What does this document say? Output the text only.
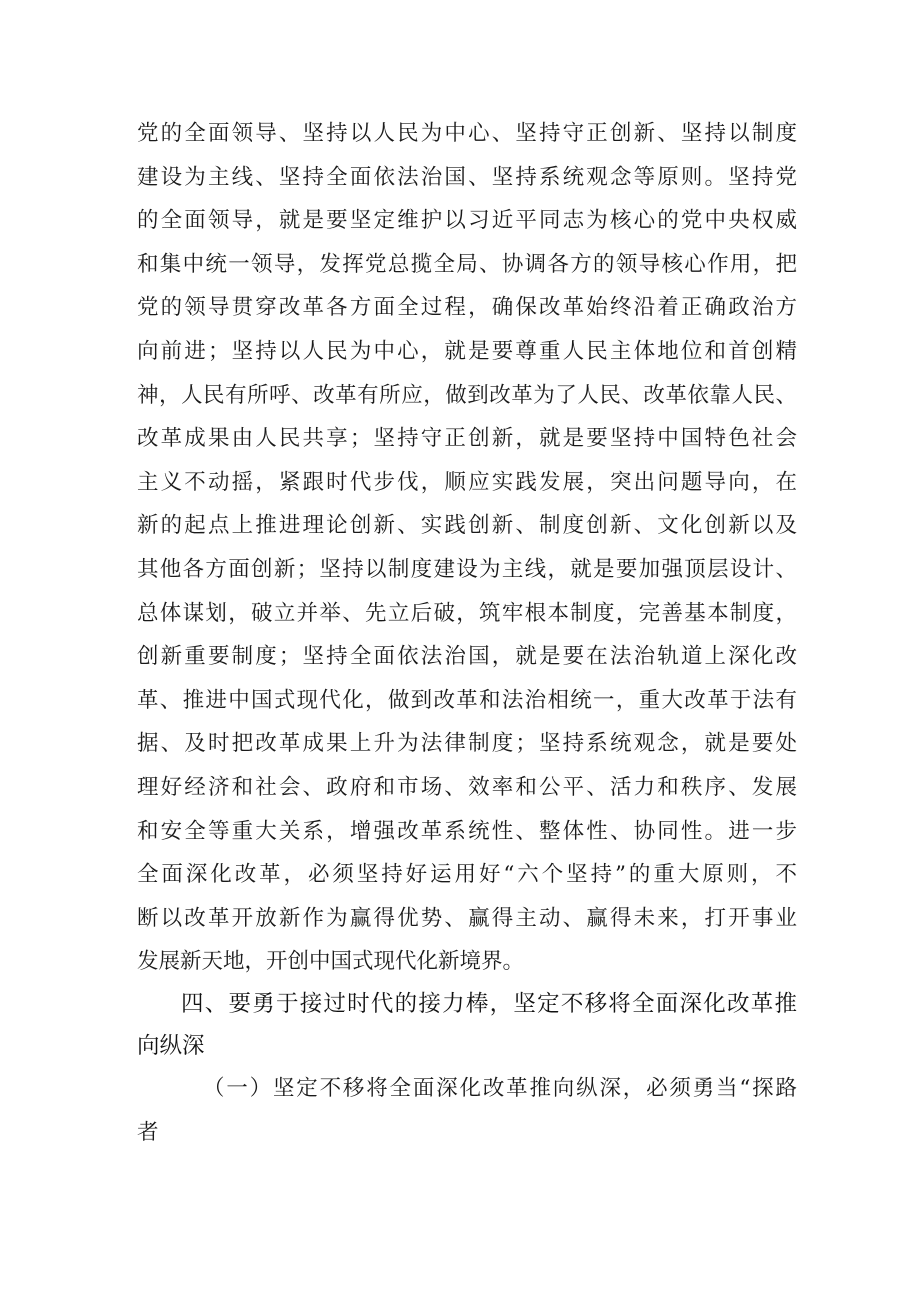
党的全面领导、坚持以人民为中心、坚持守正创新、坚持以制度
建设为主线、坚持全面依法治国、坚持系统观念等原则。坚持党
的全面领导，就是要坚定维护以习近平同志为核心的党中央权威
和集中统一领导，发挥党总揽全局、协调各方的领导核心作用，把
党的领导贯穿改革各方面全过程，确保改革始终沿着正确政治方
向前进；坚持以人民为中心，就是要尊重人民主体地位和首创精
神，人民有所呼、改革有所应，做到改革为了人民、改革依靠人民、
改革成果由人民共享；坚持守正创新，就是要坚持中国特色社会
主义不动摇，紧跟时代步伐，顺应实践发展，突出问题导向，在
新的起点上推进理论创新、实践创新、制度创新、文化创新以及
其他各方面创新；坚持以制度建设为主线，就是要加强顶层设计、
总体谋划，破立并举、先立后破，筑牢根本制度，完善基本制度，
创新重要制度；坚持全面依法治国，就是要在法治轨道上深化改
革、推进中国式现代化，做到改革和法治相统一，重大改革于法有
据、及时把改革成果上升为法律制度；坚持系统观念，就是要处
理好经济和社会、政府和市场、效率和公平、活力和秩序、发展
和安全等重大关系，增强改革系统性、整体性、协同性。进一步
全面深化改革，必须坚持好运用好“六个坚持”的重大原则，不
断以改革开放新作为赢得优势、赢得主动、赢得未来，打开事业
发展新天地，开创中国式现代化新境界。
四、要勇于接过时代的接力棒，坚定不移将全面深化改革推
向纵深
（一）坚定不移将全面深化改革推向纵深，必须勇当“探路
者
